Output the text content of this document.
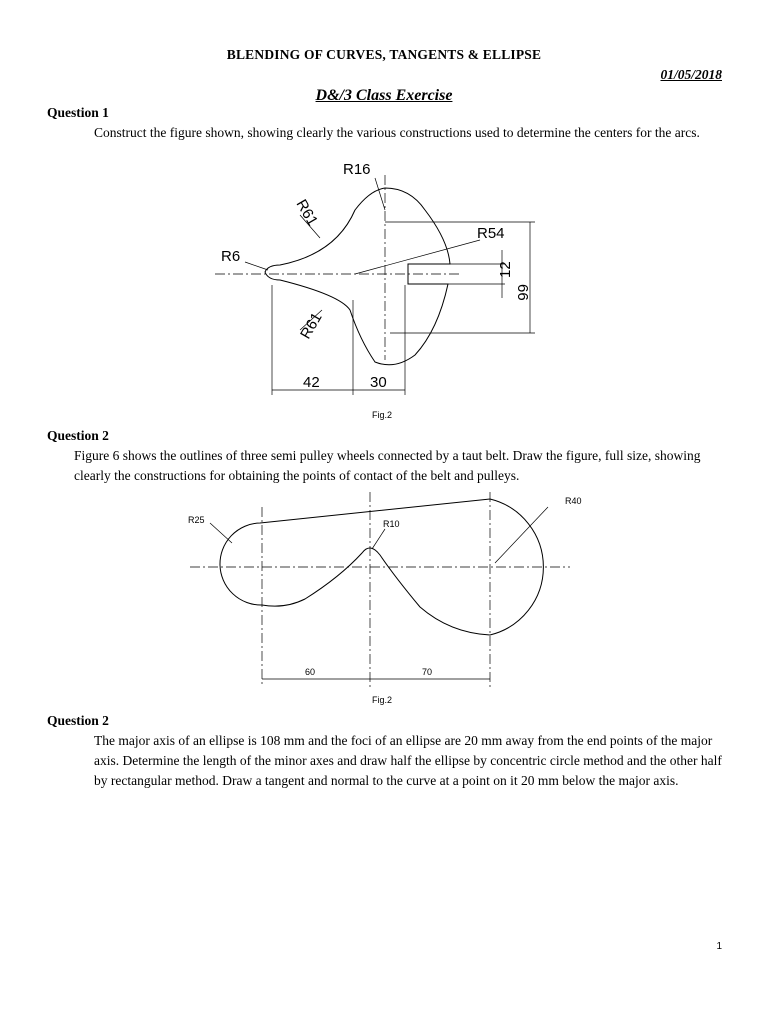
BLENDING OF CURVES, TANGENTS & ELLIPSE
01/05/2018
D&/3 Class Exercise
Question 1
Construct the figure shown, showing clearly the various constructions used to determine the centers for the arcs.
R16
R61
R54
R6
R61
12
66
42	30
Fig.2
Question 2
Figure 6 shows the outlines of three semi pulley wheels connected by a taut belt. Draw the figure, full size, showing clearly the constructions for obtaining the points of contact of the belt and pulleys.
R25	R10
R40
60	70
Fig.2
Question 2
The major axis of an ellipse is 108 mm and the foci of an ellipse are 20 mm away from the end points of the major axis. Determine the length of the minor axes and draw half the ellipse by concentric circle method and the other half by rectangular method. Draw a tangent and normal to the curve at a point on it 20 mm below the major axis.
1
